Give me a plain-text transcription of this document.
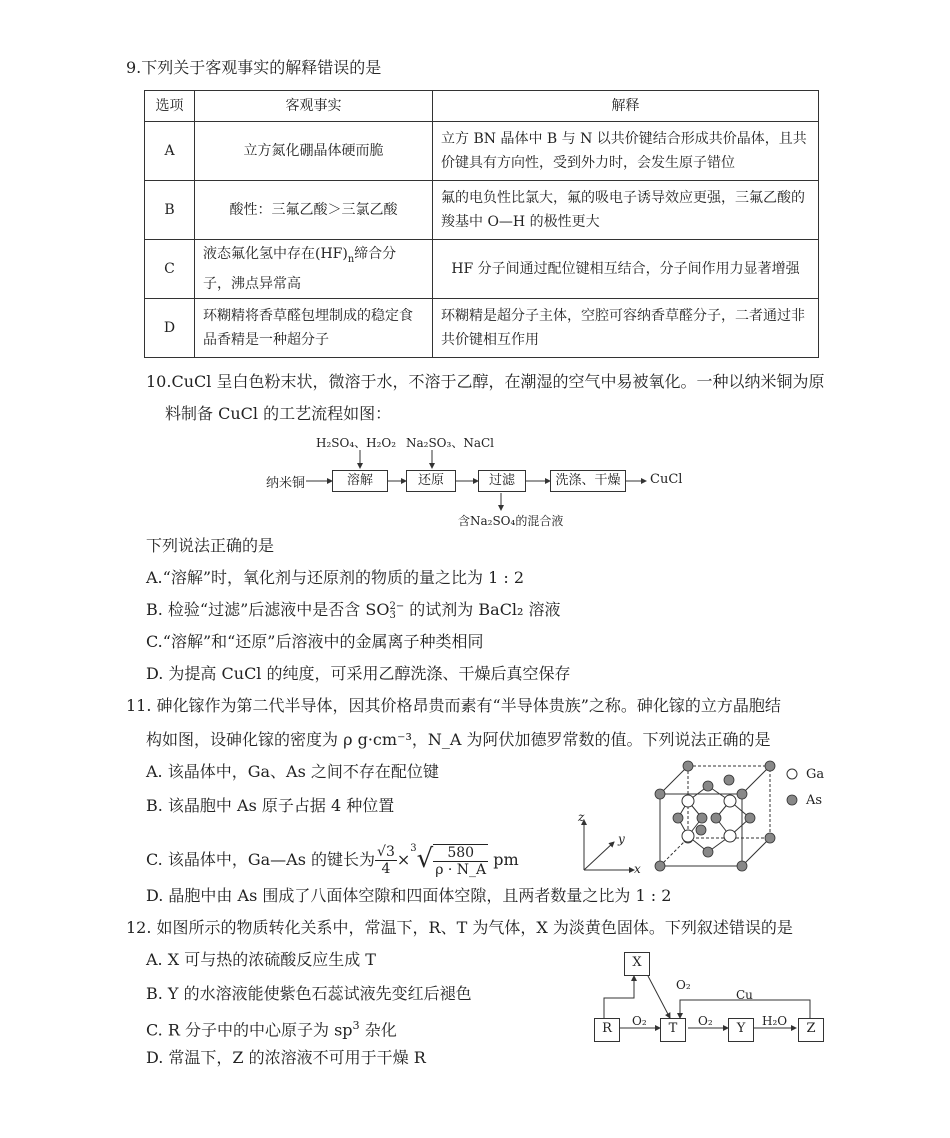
9.下列关于客观事实的解释错误的是
选项	客观事实	解释
A	立方氮化硼晶体硬而脆	立方 BN 晶体中 B 与 N 以共价键结合形成共价晶体，且共价键具有方向性，受到外力时，会发生原子错位
B	酸性：三氟乙酸＞三氯乙酸	氟的电负性比氯大，氟的吸电子诱导效应更强，三氟乙酸的羧基中 O—H 的极性更大
C	液态氟化氢中存在$(HF)_n$缔合分子，沸点异常高	HF 分子间通过配位键相互结合，分子间作用力显著增强
D	环糊精将香草醛包埋制成的稳定食品香精是一种超分子	环糊精是超分子主体，空腔可容纳香草醛分子，二者通过非共价键相互作用
10.CuCl 呈白色粉末状，微溶于水，不溶于乙醇，在潮湿的空气中易被氧化。一种以纳米铜为原
料制备 CuCl 的工艺流程如图：
纳米铜	溶解	还原	过滤	洗涤、干燥	CuCl
H₂SO₄、H₂O₂ Na₂SO₃、NaCl
含Na₂SO₄的混合液
下列说法正确的是
A.“溶解”时，氧化剂与还原剂的物质的量之比为 1 : 2
B. 检验“过滤”后滤液中是否含 SO 2−
3 的试剂为 BaCl₂ 溶液
C.“溶解”和“还原”后溶液中的金属离子种类相同
D. 为提高 CuCl 的纯度，可采用乙醇洗涤、干燥后真空保存
11. 砷化镓作为第二代半导体，因其价格昂贵而素有“半导体贵族”之称。砷化镓的立方晶胞结
构如图，设砷化镓的密度为 ρ g·cm⁻³，N_A 为阿伏加德罗常数的值。下列说法正确的是
A. 该晶体中，Ga、As 之间不存在配位键
B. 该晶胞中 As 原子占据 4 种位置
C. 该晶体中，Ga—As 的键长为 $\frac{√3}{4} \times^3√ \frac{580}{\rho \cdot N\_A}$ pm
D. 晶胞中由 As 围成了八面体空隙和四面体空隙，且两者数量之比为 1 : 2
z
y
x
Ga
As
12. 如图所示的物质转化关系中，常温下，R、T 为气体，X 为淡黄色固体。下列叙述错误的是
A. X 可与热的浓硫酸反应生成 T
B. Y 的水溶液能使紫色石蕊试液先变红后褪色
C. R 分子中的中心原子为 $sp^3$ 杂化
D. 常温下，Z 的浓溶液不可用于干燥 R
X
R	T	Y	Z
O₂
O₂
O₂	H₂O
Cu
